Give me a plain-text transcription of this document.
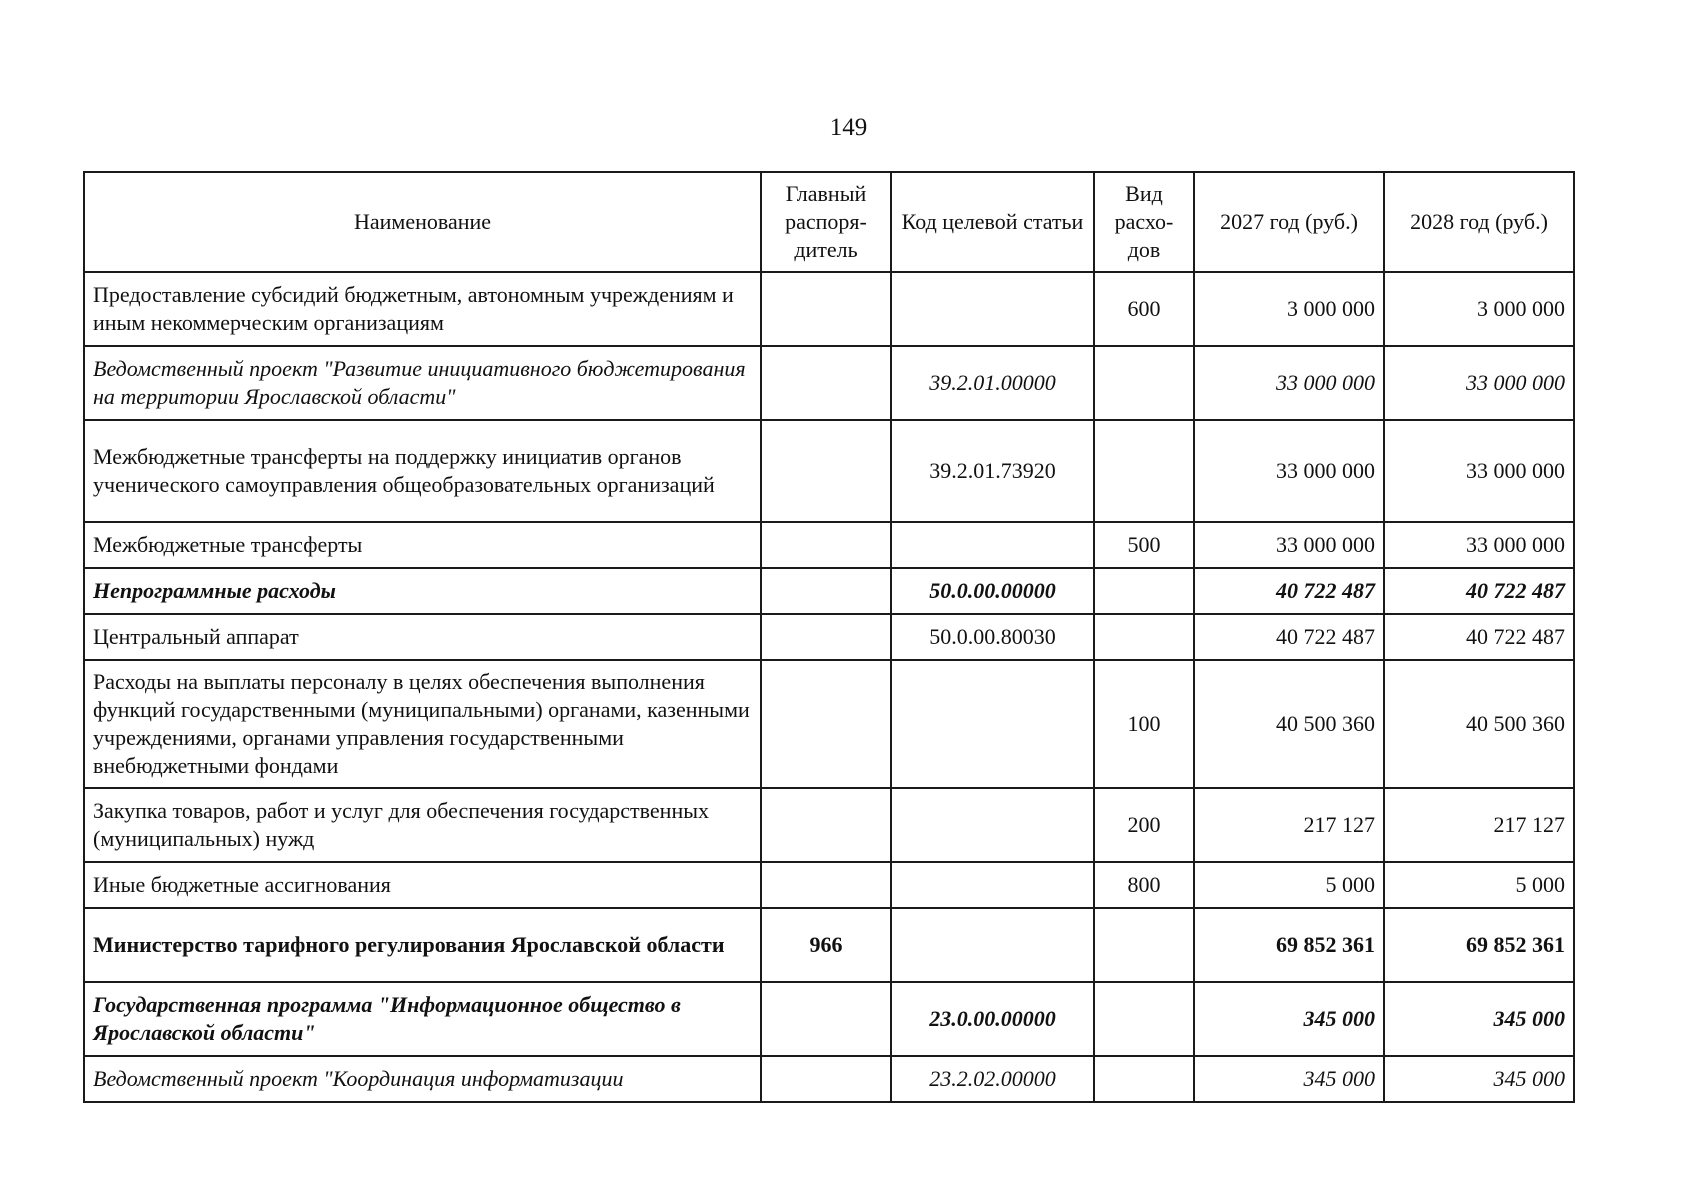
149
Наименование	Главный распоря-дитель	Код целевой статьи	Вид расхо-дов	2027 год (руб.)	2028 год (руб.)
Предоставление субсидий бюджетным, автономным учреждениям и иным некоммерческим организациям			600	3 000 000	3 000 000
Ведомственный проект "Развитие инициативного бюджетирования на территории Ярославской области"		39.2.01.00000		33 000 000	33 000 000
Межбюджетные трансферты на поддержку инициатив органов ученического самоуправления общеобразовательных организаций		39.2.01.73920		33 000 000	33 000 000
Межбюджетные трансферты			500	33 000 000	33 000 000
Непрограммные расходы		50.0.00.00000		40 722 487	40 722 487
Центральный аппарат		50.0.00.80030		40 722 487	40 722 487
Расходы на выплаты персоналу в целях обеспечения выполнения функций государственными (муниципальными) органами, казенными учреждениями, органами управления государственными внебюджетными фондами			100	40 500 360	40 500 360
Закупка товаров, работ и услуг для обеспечения государственных (муниципальных) нужд			200	217 127	217 127
Иные бюджетные ассигнования			800	5 000	5 000
Министерство тарифного регулирования Ярославской области	966			69 852 361	69 852 361
Государственная программа "Информационное общество в Ярославской области"		23.0.00.00000		345 000	345 000
Ведомственный проект "Координация информатизации		23.2.02.00000		345 000	345 000
